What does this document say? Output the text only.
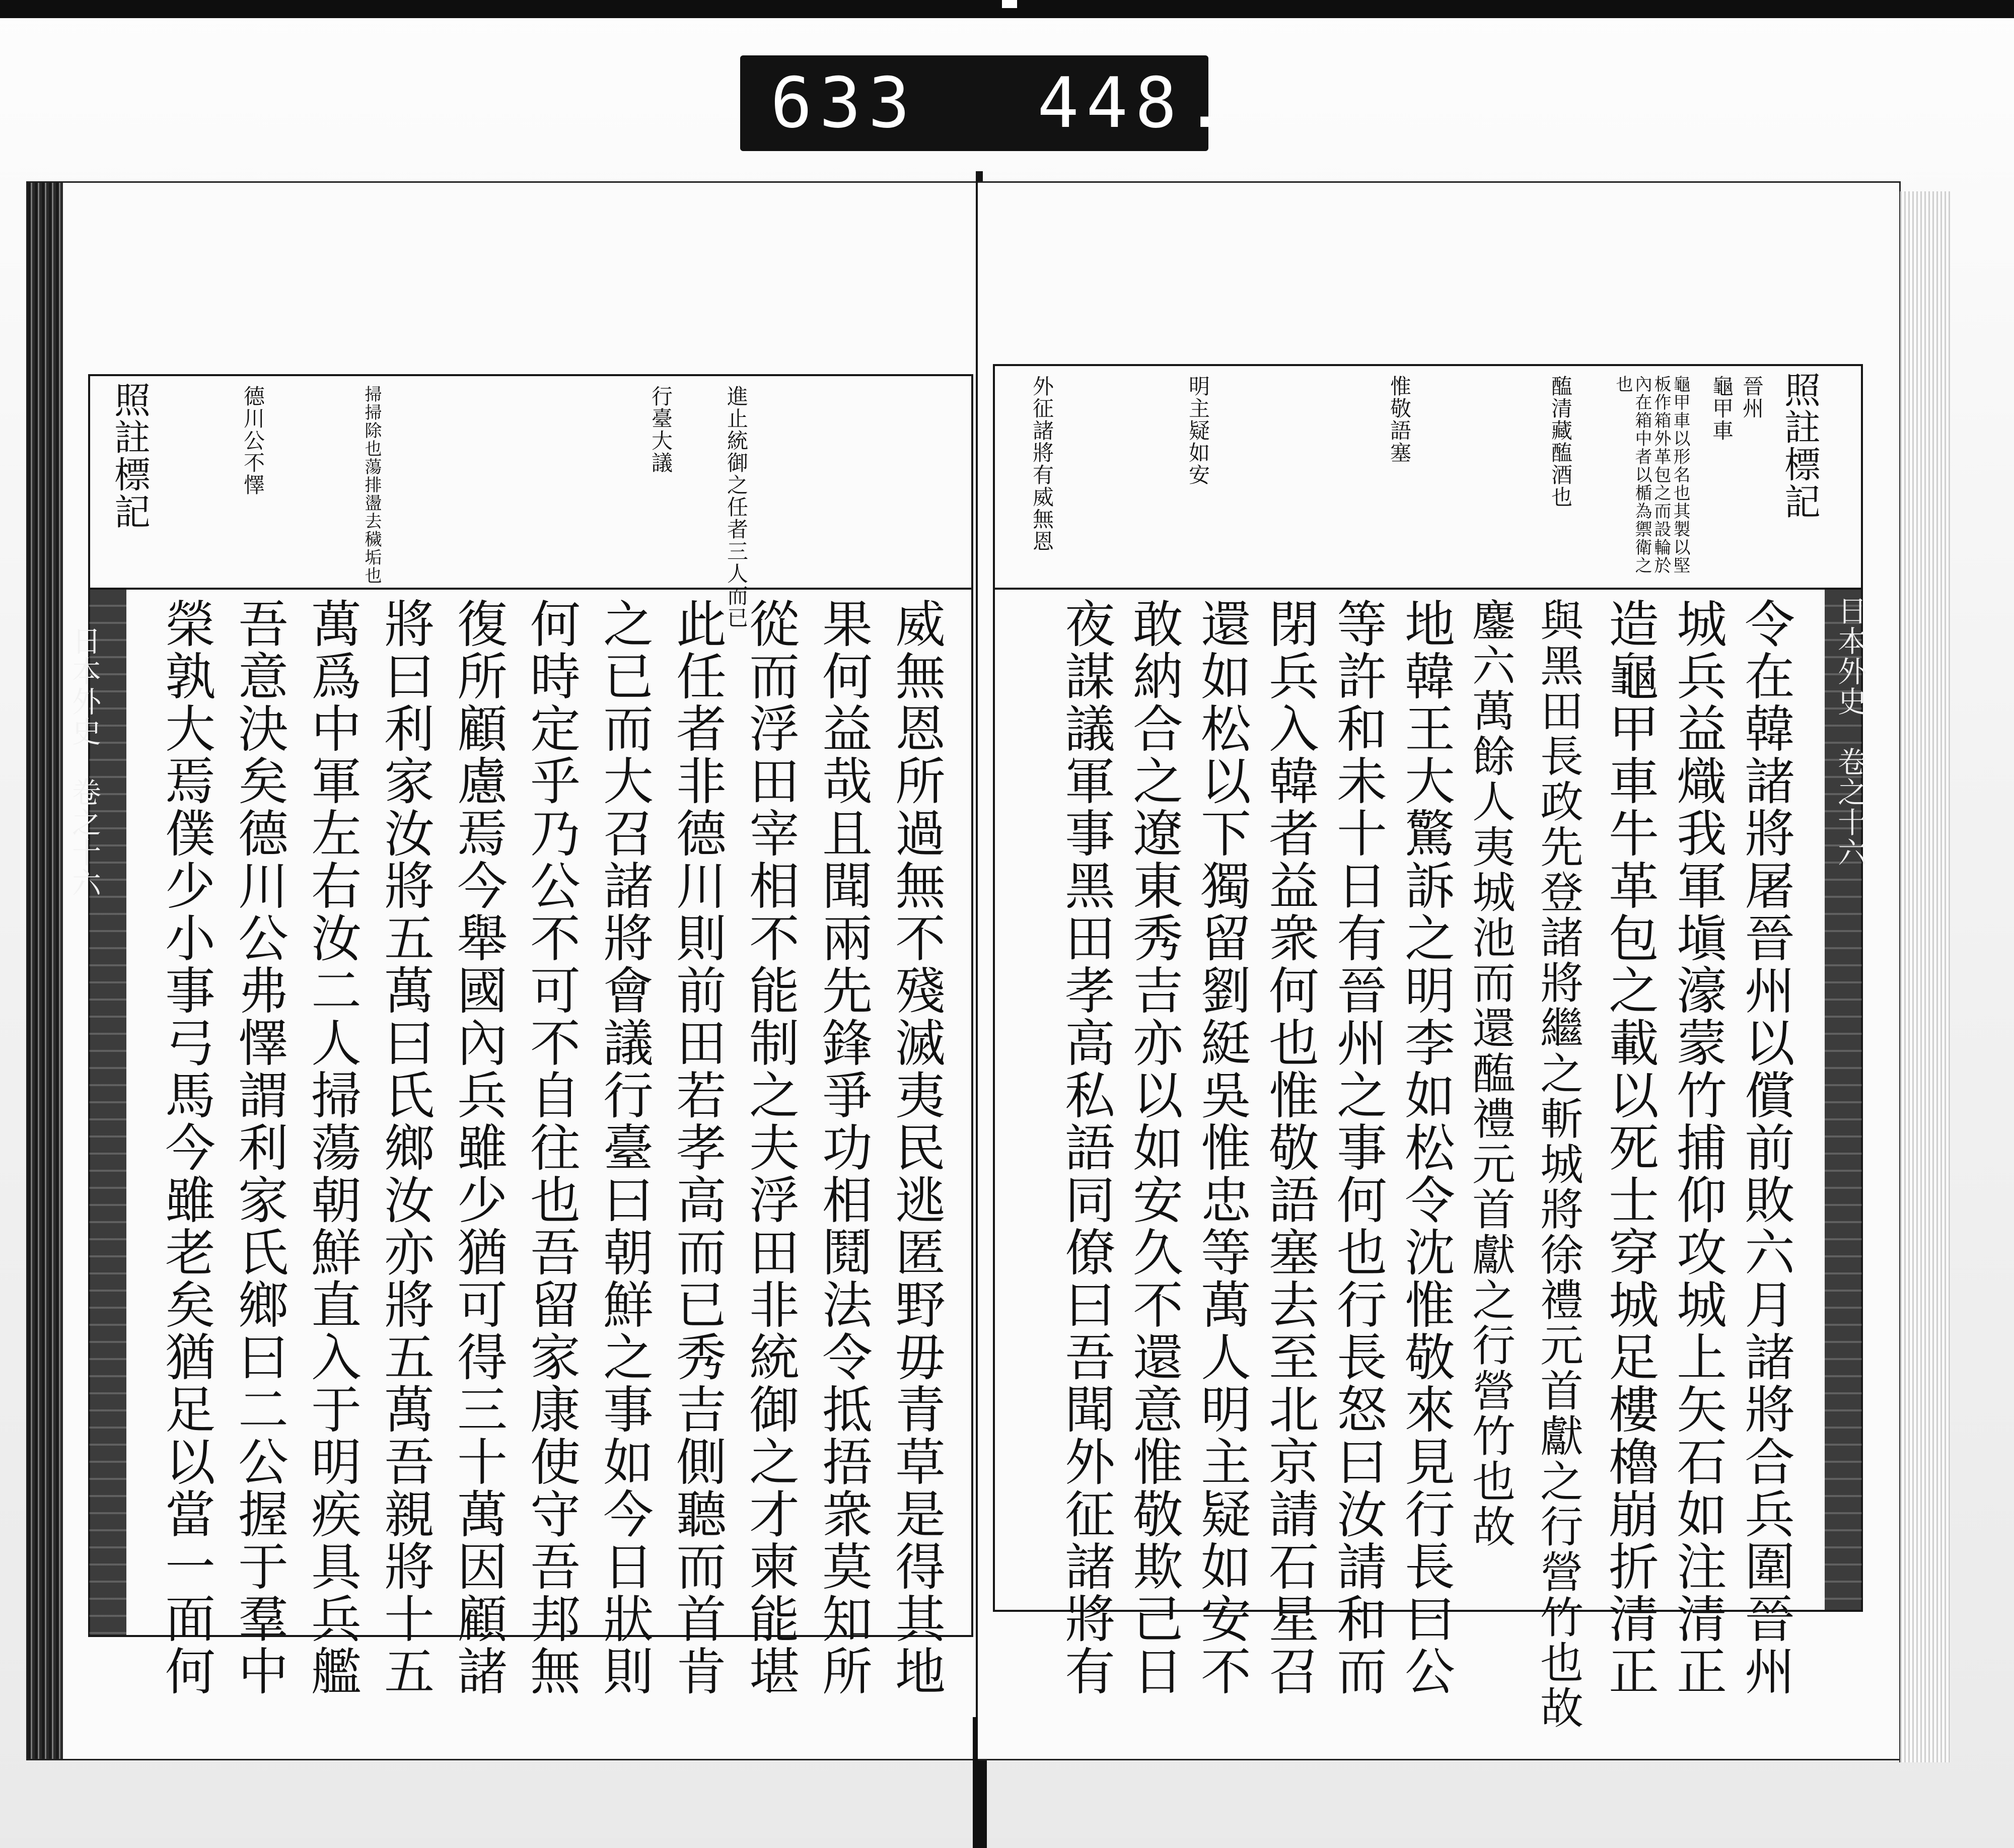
633 448.
照註標記	進止統御之任者三人而已
行臺大議
掃掃除也蕩排盪去穢垢也
德川公不懌
威無恩所過無不殘滅夷民逃匿野毋青草是得其地
果何益哉且聞兩先鋒爭功相鬩法令抵捂衆莫知所
從而浮田宰相不能制之夫浮田非統御之才柬能堪
此任者非德川則前田若孝高而已秀吉側聽而首肯
之已而大召諸將會議行臺曰朝鮮之事如今日狀則
何時定乎乃公不可不自往也吾留家康使守吾邦無
復所顧慮焉今舉國內兵雖少猶可得三十萬因顧諸
將曰利家汝將五萬曰氏鄉汝亦將五萬吾親將十五
萬爲中軍左右汝二人掃蕩朝鮮直入于明疾具兵艦
吾意決矣德川公弗懌謂利家氏鄉曰二公握于羣中
榮孰大焉僕少小事弓馬今雖老矣猶足以當一面何
日本外史　卷之十六
照註標記
晉州
龜甲車
龜甲車以形名也其製以堅板作箱外革包之而設輪於內在箱中者以楯為禦衛之也
醢清藏醢酒也
惟敬語塞
明主疑如安
外征諸將有威無恩
令在韓諸將屠晉州以償前敗六月諸將合兵圍晉州
城兵益熾我軍塡濠蒙竹捕仰攻城上矢石如注清正
造龜甲車牛革包之載以死士穿城足樓櫓崩折清正
與黑田長政先登諸將繼之斬城將徐禮元首獻之行營竹也故
鏖六萬餘人夷城池而還醢禮元首獻之行營竹也故
地韓王大驚訴之明李如松令沈惟敬來見行長曰公
等許和未十日有晉州之事何也行長怒曰汝請和而
閉兵入韓者益衆何也惟敬語塞去至北京請石星召
還如松以下獨留劉綎吳惟忠等萬人明主疑如安不
敢納合之遼東秀吉亦以如安久不還意惟敬欺己日
夜謀議軍事黑田孝高私語同僚曰吾聞外征諸將有	日本外史　卷之十六
